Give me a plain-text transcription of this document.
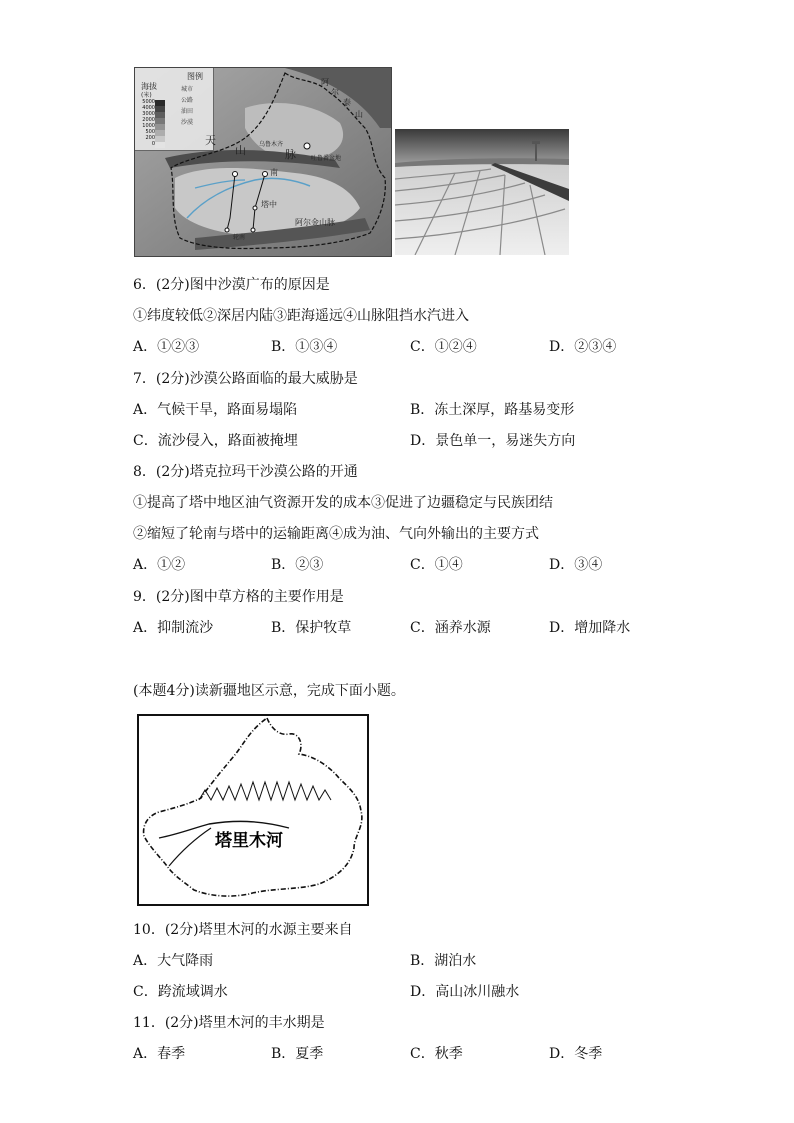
图例
海拔
(米)
5000
4000
3000
2000
1000
500
200
0
城市
公路
油田
沙漠
天
山
南
塔中
轮南
阿尔金山脉
阿
尔
泰
山
脉
乌鲁木齐
吐鲁番盆地
6．(2分)图中沙漠广布的原因是
①纬度较低②深居内陆③距海遥远④山脉阻挡水汽进入
A．①②③	B．①③④	C．①②④	D．②③④
7．(2分)沙漠公路面临的最大威胁是
A．气候干旱，路面易塌陷	B．冻土深厚，路基易变形
C．流沙侵入，路面被掩埋	D．景色单一，易迷失方向
8．(2分)塔克拉玛干沙漠公路的开通
①提高了塔中地区油气资源开发的成本③促进了边疆稳定与民族团结
②缩短了轮南与塔中的运输距离④成为油、气向外输出的主要方式
A．①②	B．②③	C．①④	D．③④
9．(2分)图中草方格的主要作用是
A．抑制流沙	B．保护牧草	C．涵养水源	D．增加降水
(本题4分)读新疆地区示意，完成下面小题。
塔里木河
10．(2分)塔里木河的水源主要来自
A．大气降雨	B．湖泊水
C．跨流域调水	D．高山冰川融水
11．(2分)塔里木河的丰水期是
A．春季	B．夏季	C．秋季	D．冬季
